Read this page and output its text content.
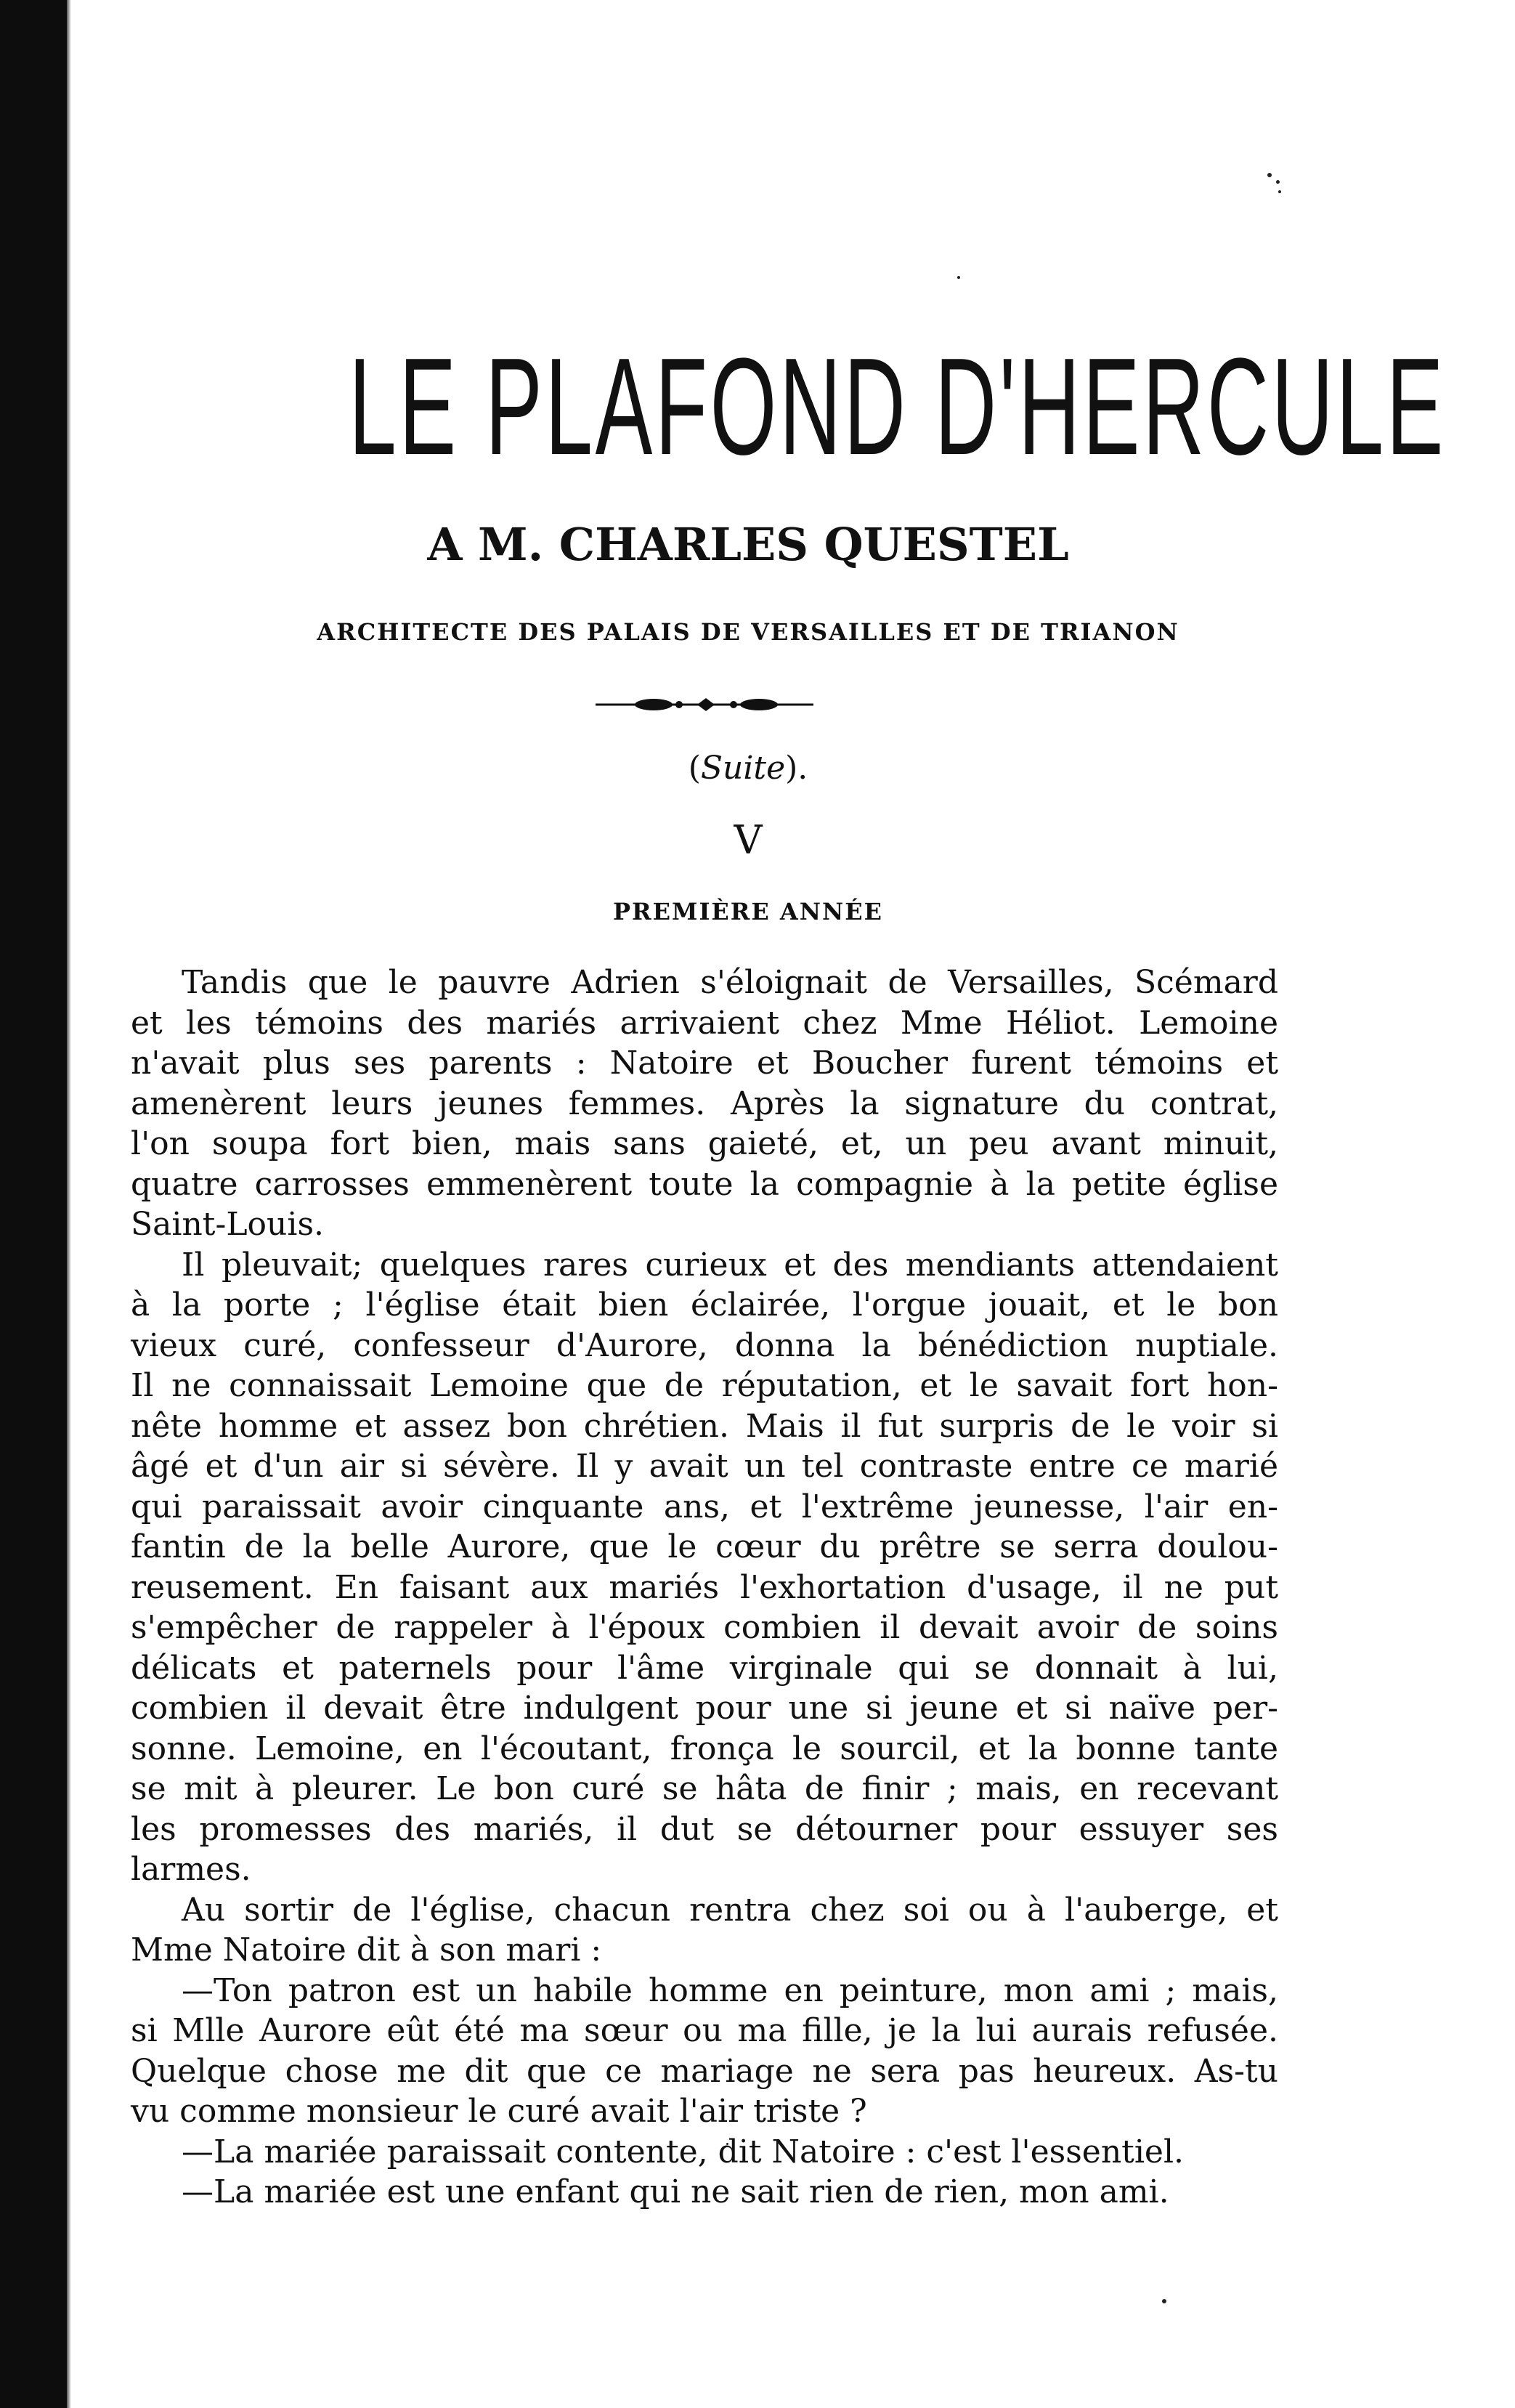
LE PLAFOND D'HERCULE
A M. CHARLES QUESTEL
ARCHITECTE DES PALAIS DE VERSAILLES ET DE TRIANON
(Suite).
V
PREMIÈRE ANNÉE

Tandis que le pauvre Adrien s'éloignait de Versailles, Scémard
et les témoins des mariés arrivaient chez Mme Héliot. Lemoine
n'avait plus ses parents : Natoire et Boucher furent témoins et
amenèrent leurs jeunes femmes. Après la signature du contrat,
l'on soupa fort bien, mais sans gaieté, et, un peu avant minuit,
quatre carrosses emmenèrent toute la compagnie à la petite église
Saint-Louis.

Il pleuvait; quelques rares curieux et des mendiants attendaient
à la porte ; l'église était bien éclairée, l'orgue jouait, et le bon
vieux curé, confesseur d'Aurore, donna la bénédiction nuptiale.
Il ne connaissait Lemoine que de réputation, et le savait fort hon-
nête homme et assez bon chrétien. Mais il fut surpris de le voir si
âgé et d'un air si sévère. Il y avait un tel contraste entre ce marié
qui paraissait avoir cinquante ans, et l'extrême jeunesse, l'air en-
fantin de la belle Aurore, que le cœur du prêtre se serra doulou-
reusement. En faisant aux mariés l'exhortation d'usage, il ne put
s'empêcher de rappeler à l'époux combien il devait avoir de soins
délicats et paternels pour l'âme virginale qui se donnait à lui,
combien il devait être indulgent pour une si jeune et si naïve per-
sonne. Lemoine, en l'écoutant, fronça le sourcil, et la bonne tante
se mit à pleurer. Le bon curé se hâta de finir ; mais, en recevant
les promesses des mariés, il dut se détourner pour essuyer ses
larmes.

Au sortir de l'église, chacun rentra chez soi ou à l'auberge, et
Mme Natoire dit à son mari :

—Ton patron est un habile homme en peinture, mon ami ; mais,
si Mlle Aurore eût été ma sœur ou ma fille, je la lui aurais refusée.
Quelque chose me dit que ce mariage ne sera pas heureux. As-tu
vu comme monsieur le curé avait l'air triste ?

—La mariée paraissait contente, dit Natoire : c'est l'essentiel.

—La mariée est une enfant qui ne sait rien de rien, mon ami.
